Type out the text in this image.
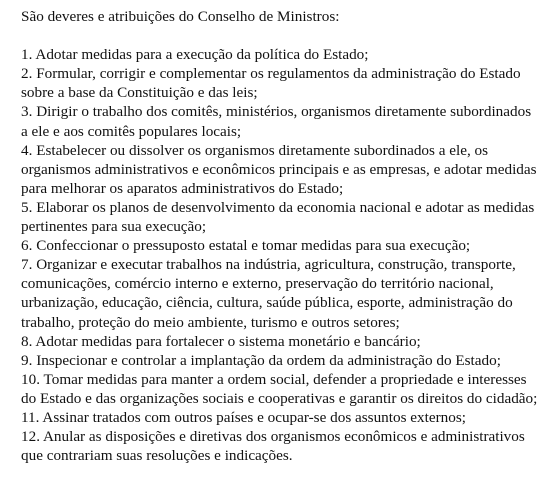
São deveres e atribuições do Conselho de Ministros:

1. Adotar medidas para a execução da política do Estado;
2. Formular, corrigir e complementar os regulamentos da administração do Estado sobre a base da Constituição e das leis;
3. Dirigir o trabalho dos comitês, ministérios, organismos diretamente subordinados a ele e aos comitês populares locais;
4. Estabelecer ou dissolver os organismos diretamente subordinados a ele, os organismos administrativos e econômicos principais e as empresas, e adotar medidas para melhorar os aparatos administrativos do Estado;
5. Elaborar os planos de desenvolvimento da economia nacional e adotar as medidas pertinentes para sua execução;
6. Confeccionar o pressuposto estatal e tomar medidas para sua execução;
7. Organizar e executar trabalhos na indústria, agricultura, construção, transporte, comunicações, comércio interno e externo, preservação do território nacional, urbanização, educação, ciência, cultura, saúde pública, esporte, administração do trabalho, proteção do meio ambiente, turismo e outros setores;
8. Adotar medidas para fortalecer o sistema monetário e bancário;
9. Inspecionar e controlar a implantação da ordem da administração do Estado;
10. Tomar medidas para manter a ordem social, defender a propriedade e interesses do Estado e das organizações sociais e cooperativas e garantir os direitos do cidadão;
11. Assinar tratados com outros países e ocupar-se dos assuntos externos;
12. Anular as disposições e diretivas dos organismos econômicos e administrativos que contrariam suas resoluções e indicações.
